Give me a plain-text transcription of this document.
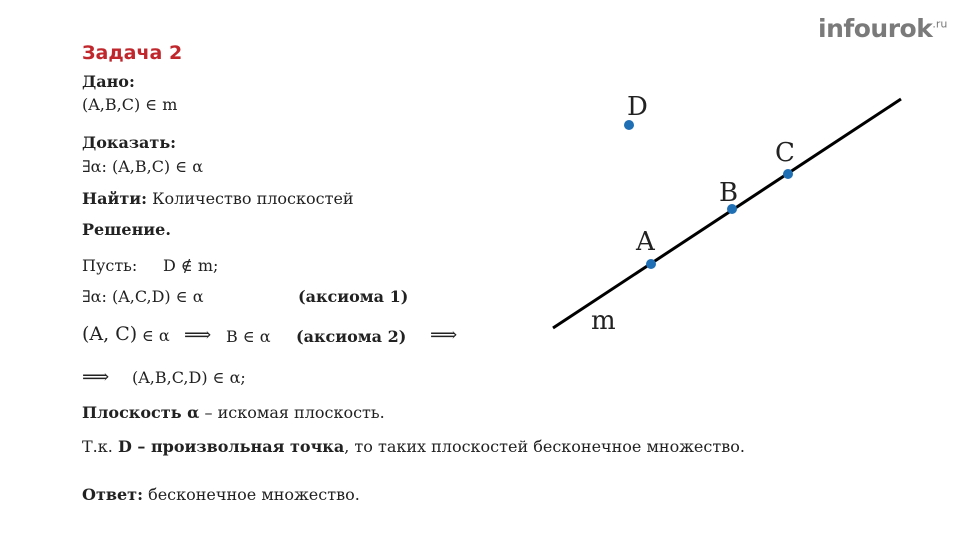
infourok$^{.ru}$
Задача 2
Дано:
(A,B,C) ∈ m
Доказать:
∃α: (A,B,C) ∈ α
Найти: Количество плоскостей
Решение.
Пусть: D ∉ m;
∃α: (A,C,D) ∈ α	(аксиома 1)
(A, C) ∈ α ⟹ B ∈ α (аксиома 2) ⟹
⟹ (A,B,C,D) ∈ α;
Плоскость α – искомая плоскость.
Т.к. D – произвольная точка, то таких плоскостей бесконечное множество.
Ответ: бесконечное множество.
m
A
B
C
D
